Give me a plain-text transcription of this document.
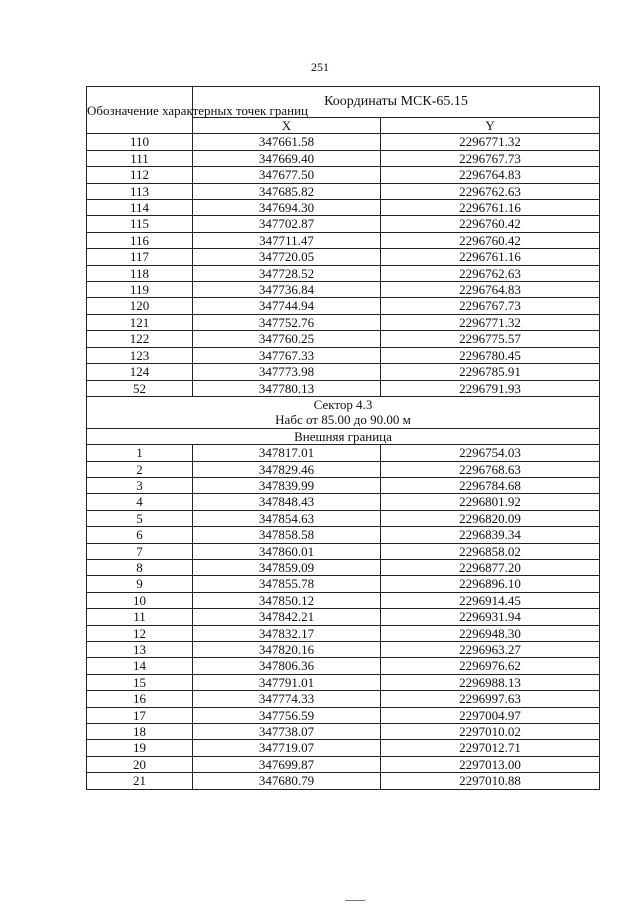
251
Обозначение характерных точек границ	Координаты МСК-65.15	
	X	Y
110	347661.58	2296771.32
111	347669.40	2296767.73
112	347677.50	2296764.83
113	347685.82	2296762.63
114	347694.30	2296761.16
115	347702.87	2296760.42
116	347711.47	2296760.42
117	347720.05	2296761.16
118	347728.52	2296762.63
119	347736.84	2296764.83
120	347744.94	2296767.73
121	347752.76	2296771.32
122	347760.25	2296775.57
123	347767.33	2296780.45
124	347773.98	2296785.91
52	347780.13	2296791.93

Сектор 4.3
Набс от 85.00 до 90.00 м		

Внешняя граница		
1	347817.01	2296754.03
2	347829.46	2296768.63
3	347839.99	2296784.68
4	347848.43	2296801.92
5	347854.63	2296820.09
6	347858.58	2296839.34
7	347860.01	2296858.02
8	347859.09	2296877.20
9	347855.78	2296896.10
10	347850.12	2296914.45
11	347842.21	2296931.94
12	347832.17	2296948.30
13	347820.16	2296963.27
14	347806.36	2296976.62
15	347791.01	2296988.13
16	347774.33	2296997.63
17	347756.59	2297004.97
18	347738.07	2297010.02
19	347719.07	2297012.71
20	347699.87	2297013.00
21	347680.79	2297010.88
